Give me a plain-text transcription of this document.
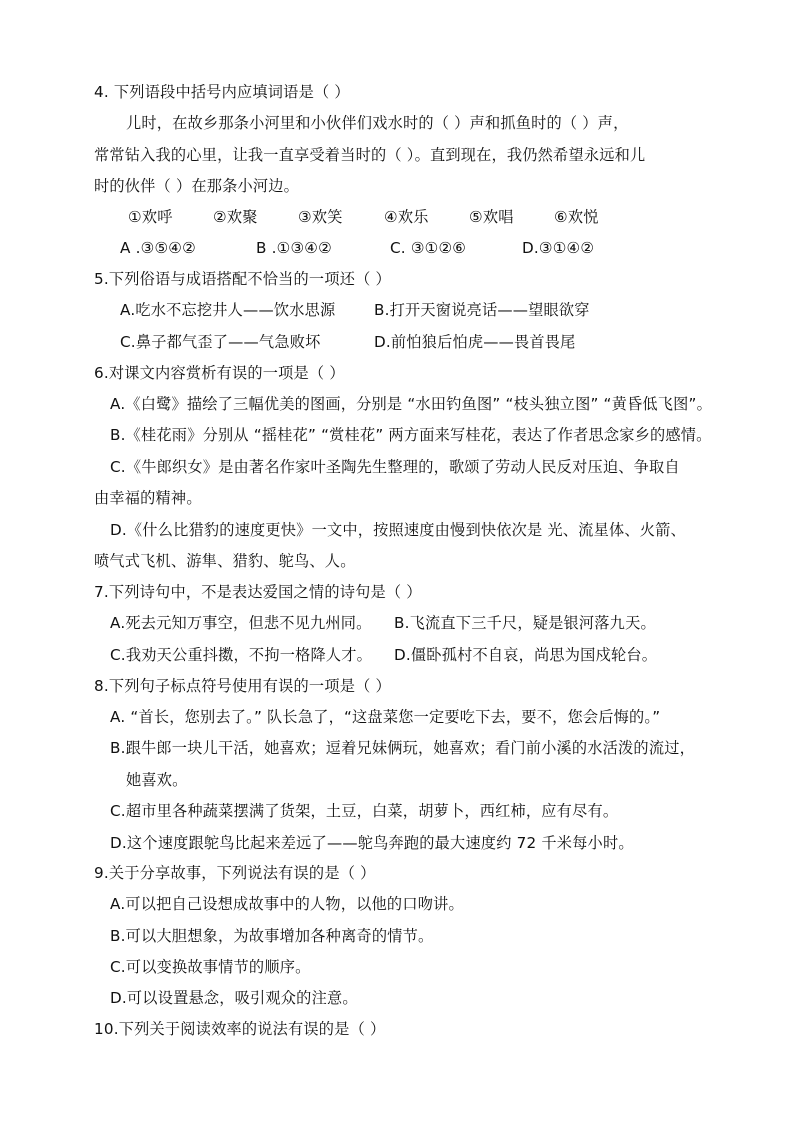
4. 下列语段中括号内应填词语是（ ）
儿时，在故乡那条小河里和小伙伴们戏水时的（ ）声和抓鱼时的（ ）声，
常常钻入我的心里，让我一直享受着当时的（ ）。直到现在，我仍然希望永远和儿
时的伙伴（ ）在那条小河边。
①欢呼	②欢聚	③欢笑	④欢乐	⑤欢唱	⑥欢悦
A .③⑤④②	B .①③④②	C. ③①②⑥	D.③①④②
5.下列俗语与成语搭配不恰当的一项还（ ）
A.吃水不忘挖井人——饮水思源	B.打开天窗说亮话——望眼欲穿
C.鼻子都气歪了——气急败坏	D.前怕狼后怕虎——畏首畏尾
6.对课文内容赏析有误的一项是（ ）
A.《白鹭》描绘了三幅优美的图画，分别是 “水田钓鱼图” “枝头独立图” “黄昏低飞图”。
B.《桂花雨》分别从 “摇桂花” “赏桂花” 两方面来写桂花，表达了作者思念家乡的感情。
C.《牛郎织女》是由著名作家叶圣陶先生整理的，歌颂了劳动人民反对压迫、争取自
由幸福的精神。
D.《什么比猎豹的速度更快》一文中，按照速度由慢到快依次是 光、流星体、火箭、
喷气式飞机、游隼、猎豹、鸵鸟、人。
7.下列诗句中，不是表达爱国之情的诗句是（ ）
A.死去元知万事空，但悲不见九州同。 B.飞流直下三千尺，疑是银河落九天。
C.我劝天公重抖擞，不拘一格降人才。 D.僵卧孤村不自哀，尚思为国戍轮台。
8.下列句子标点符号使用有误的一项是（ ）
A. “首长，您别去了。” 队长急了，“这盘菜您一定要吃下去，要不，您会后悔的。”
B.跟牛郎一块儿干活，她喜欢；逗着兄妹俩玩，她喜欢；看门前小溪的水活泼的流过，
她喜欢。
C.超市里各种蔬菜摆满了货架，土豆，白菜，胡萝卜，西红柿，应有尽有。
D.这个速度跟鸵鸟比起来差远了——鸵鸟奔跑的最大速度约 72 千米每小时。
9.关于分享故事，下列说法有误的是（ ）
A.可以把自己设想成故事中的人物，以他的口吻讲。
B.可以大胆想象，为故事增加各种离奇的情节。
C.可以变换故事情节的顺序。
D.可以设置悬念，吸引观众的注意。
10.下列关于阅读效率的说法有误的是（ ）
